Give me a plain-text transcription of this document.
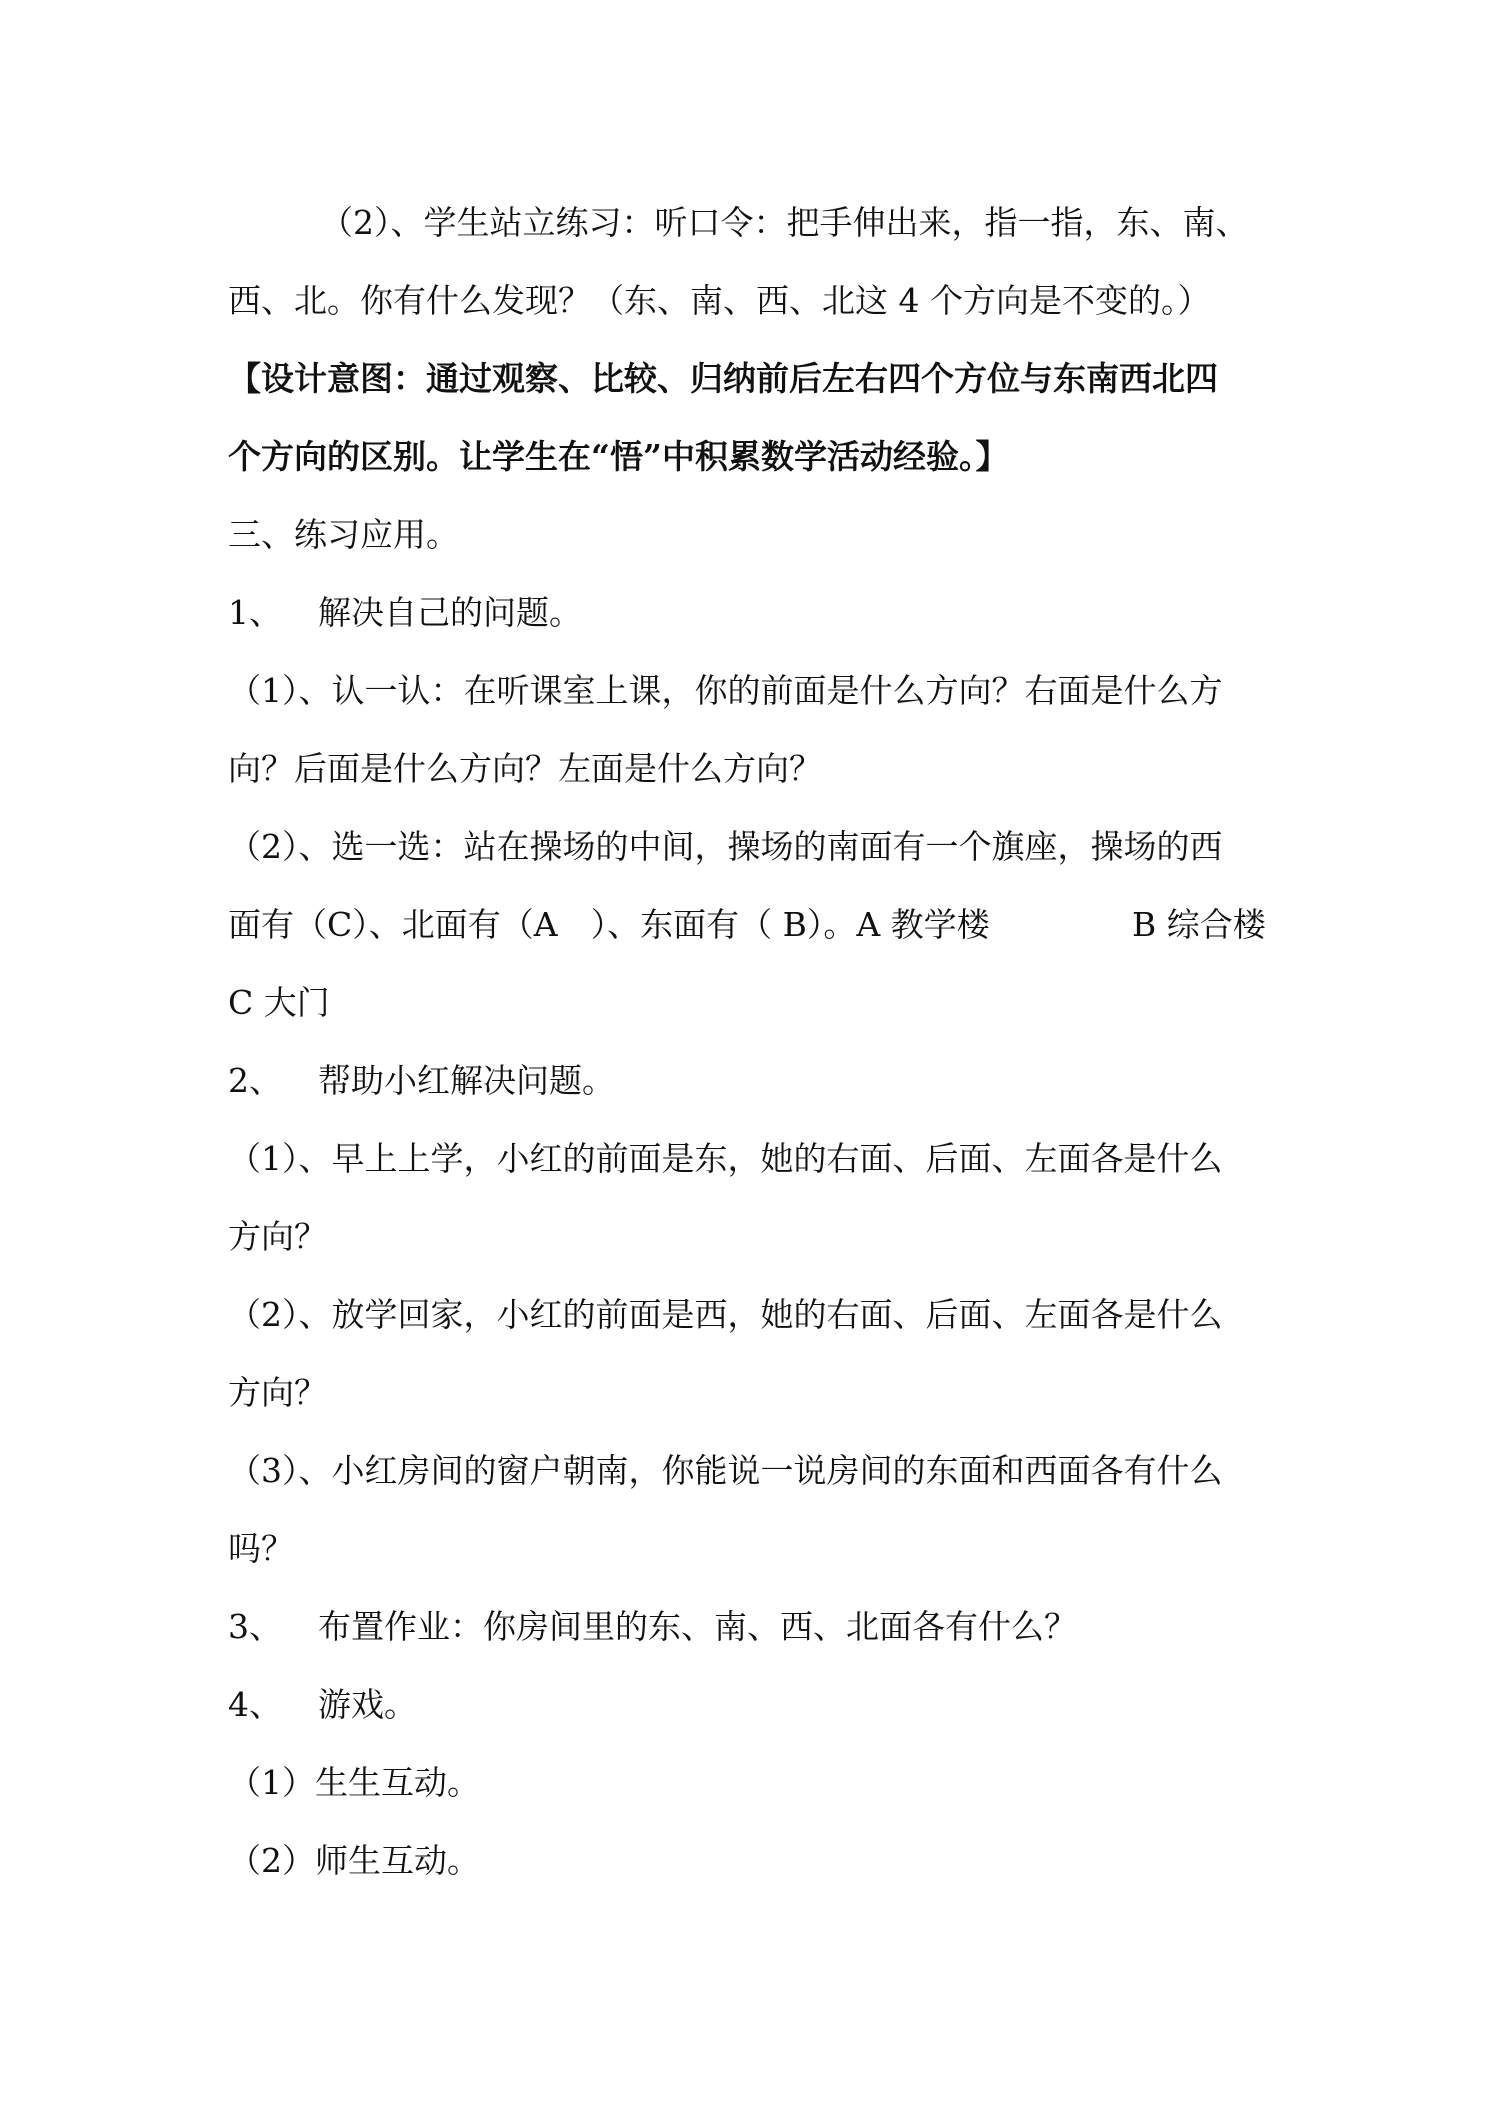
（2）、学生站立练习：听口令：把手伸出来，指一指，东、南、
西、北。你有什么发现？（东、南、西、北这 4 个方向是不变的。）
【设计意图：通过观察、比较、归纳前后左右四个方位与东南西北四
个方向的区别。让学生在“悟”中积累数学活动经验。】
三、练习应用。
1、 解决自己的问题。
（1）、认一认：在听课室上课，你的前面是什么方向？右面是什么方
向？后面是什么方向？左面是什么方向？
（2）、选一选：站在操场的中间，操场的南面有一个旗座，操场的西
面有（C）、北面有（A　）、东面有（ B）。A 教学楼	B 综合楼
C 大门
2、 帮助小红解决问题。
（1）、早上上学，小红的前面是东，她的右面、后面、左面各是什么
方向？
（2）、放学回家，小红的前面是西，她的右面、后面、左面各是什么
方向？
（3）、小红房间的窗户朝南，你能说一说房间的东面和西面各有什么
吗？
3、 布置作业：你房间里的东、南、西、北面各有什么？
4、 游戏。
（1）生生互动。
（2）师生互动。
